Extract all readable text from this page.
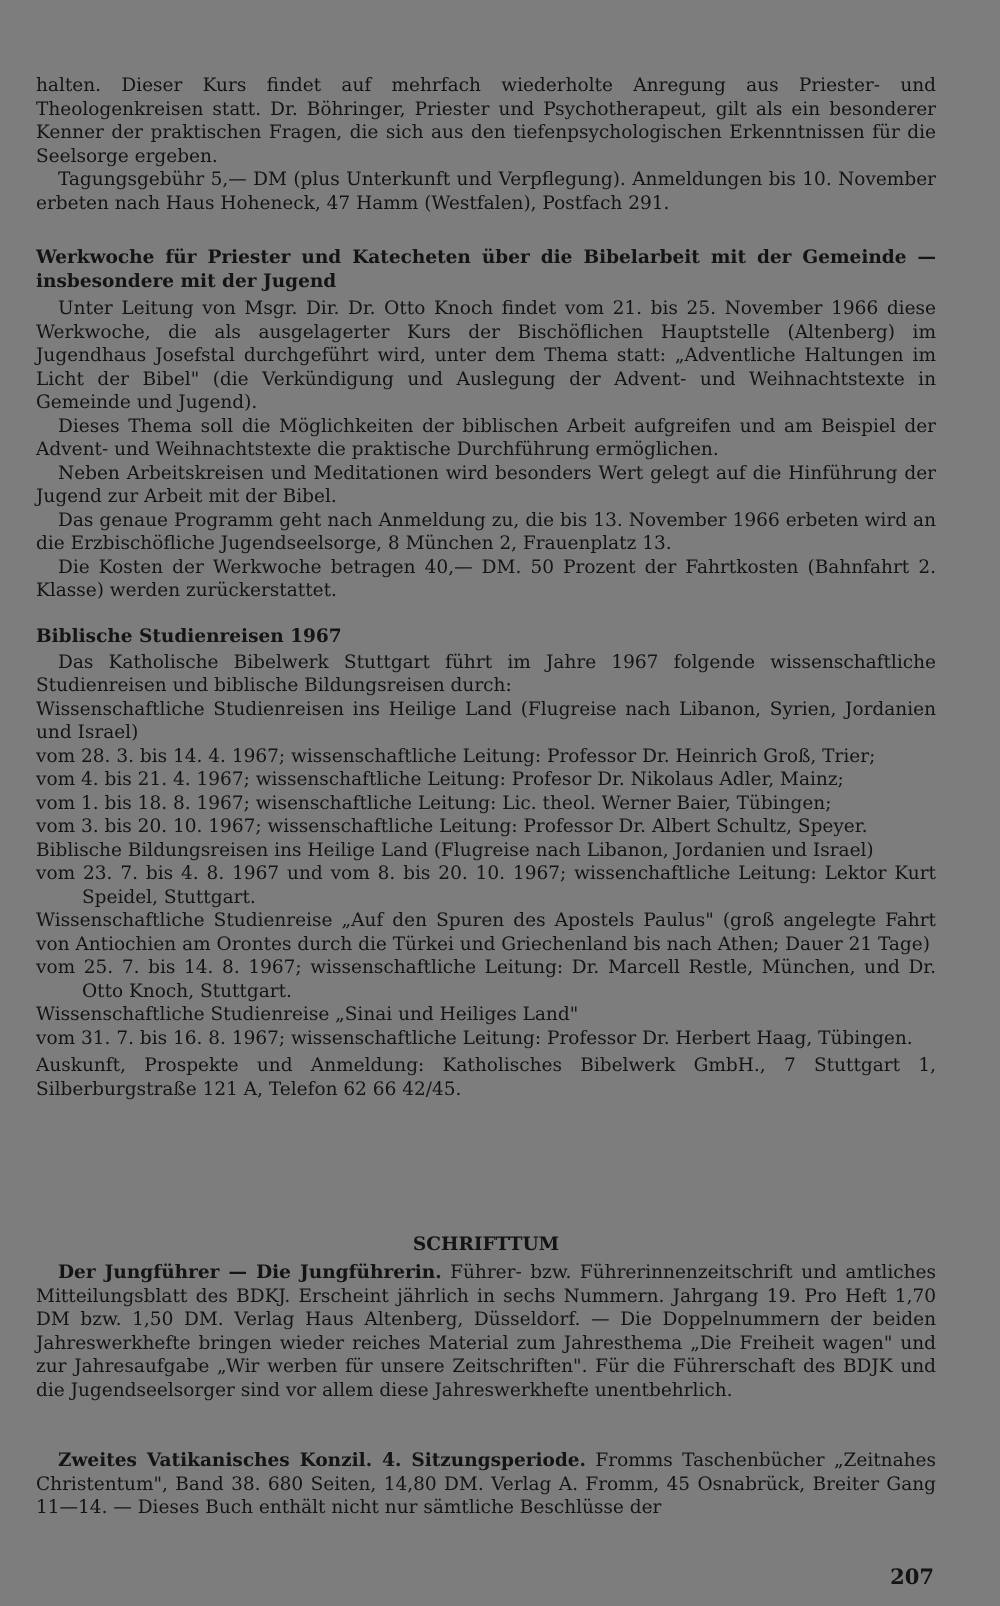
halten. Dieser Kurs findet auf mehrfach wiederholte Anregung aus Priester- und Theologenkreisen statt. Dr. Böhringer, Priester und Psychotherapeut, gilt als ein besonderer Kenner der praktischen Fragen, die sich aus den tiefenpsychologischen Erkenntnissen für die Seelsorge ergeben.

Tagungsgebühr 5,— DM (plus Unterkunft und Verpflegung). Anmeldungen bis 10. November erbeten nach Haus Hoheneck, 47 Hamm (Westfalen), Postfach 291.

Werkwoche für Priester und Katecheten über die Bibelarbeit mit der Gemeinde — insbesondere mit der Jugend

Unter Leitung von Msgr. Dir. Dr. Otto Knoch findet vom 21. bis 25. November 1966 diese Werkwoche, die als ausgelagerter Kurs der Bischöflichen Hauptstelle (Altenberg) im Jugendhaus Josefstal durchgeführt wird, unter dem Thema statt: „Adventliche Haltungen im Licht der Bibel" (die Verkündigung und Auslegung der Advent- und Weihnachtstexte in Gemeinde und Jugend).

Dieses Thema soll die Möglichkeiten der biblischen Arbeit aufgreifen und am Beispiel der Advent- und Weihnachtstexte die praktische Durchführung ermöglichen.

Neben Arbeitskreisen und Meditationen wird besonders Wert gelegt auf die Hinführung der Jugend zur Arbeit mit der Bibel.

Das genaue Programm geht nach Anmeldung zu, die bis 13. November 1966 erbeten wird an die Erzbischöfliche Jugendseelsorge, 8 München 2, Frauenplatz 13.

Die Kosten der Werkwoche betragen 40,— DM. 50 Prozent der Fahrtkosten (Bahnfahrt 2. Klasse) werden zurückerstattet.

Biblische Studienreisen 1967

Das Katholische Bibelwerk Stuttgart führt im Jahre 1967 folgende wissenschaftliche Studienreisen und biblische Bildungsreisen durch:

Wissenschaftliche Studienreisen ins Heilige Land (Flugreise nach Libanon, Syrien, Jordanien und Israel)

vom 28. 3. bis 14. 4. 1967; wissenschaftliche Leitung: Professor Dr. Heinrich Groß, Trier;

vom 4. bis 21. 4. 1967; wissenschaftliche Leitung: Profesor Dr. Nikolaus Adler, Mainz;

vom 1. bis 18. 8. 1967; wisenschaftliche Leitung: Lic. theol. Werner Baier, Tübingen;

vom 3. bis 20. 10. 1967; wissenschaftliche Leitung: Professor Dr. Albert Schultz, Speyer.

Biblische Bildungsreisen ins Heilige Land (Flugreise nach Libanon, Jordanien und Israel)

vom 23. 7. bis 4. 8. 1967 und vom 8. bis 20. 10. 1967; wissenchaftliche Leitung: Lektor Kurt Speidel, Stuttgart.

Wissenschaftliche Studienreise „Auf den Spuren des Apostels Paulus" (groß angelegte Fahrt von Antiochien am Orontes durch die Türkei und Griechenland bis nach Athen; Dauer 21 Tage)

vom 25. 7. bis 14. 8. 1967; wissenschaftliche Leitung: Dr. Marcell Restle, München, und Dr. Otto Knoch, Stuttgart.

Wissenschaftliche Studienreise „Sinai und Heiliges Land"

vom 31. 7. bis 16. 8. 1967; wissenschaftliche Leitung: Professor Dr. Herbert Haag, Tübingen.

Auskunft, Prospekte und Anmeldung: Katholisches Bibelwerk GmbH., 7 Stuttgart 1, Silberburgstraße 121 A, Telefon 62 66 42/45.

SCHRIFTTUM

Der Jungführer — Die Jungführerin. Führer- bzw. Führerinnenzeitschrift und amtliches Mitteilungsblatt des BDKJ. Erscheint jährlich in sechs Nummern. Jahrgang 19. Pro Heft 1,70 DM bzw. 1,50 DM. Verlag Haus Altenberg, Düsseldorf. — Die Doppelnummern der beiden Jahreswerkhefte bringen wieder reiches Material zum Jahresthema „Die Freiheit wagen" und zur Jahresaufgabe „Wir werben für unsere Zeitschriften". Für die Führerschaft des BDJK und die Jugendseelsorger sind vor allem diese Jahreswerkhefte unentbehrlich.

Zweites Vatikanisches Konzil. 4. Sitzungsperiode. Fromms Taschenbücher „Zeitnahes Christentum", Band 38. 680 Seiten, 14,80 DM. Verlag A. Fromm, 45 Osnabrück, Breiter Gang 11—14. — Dieses Buch enthält nicht nur sämtliche Beschlüsse der

207
